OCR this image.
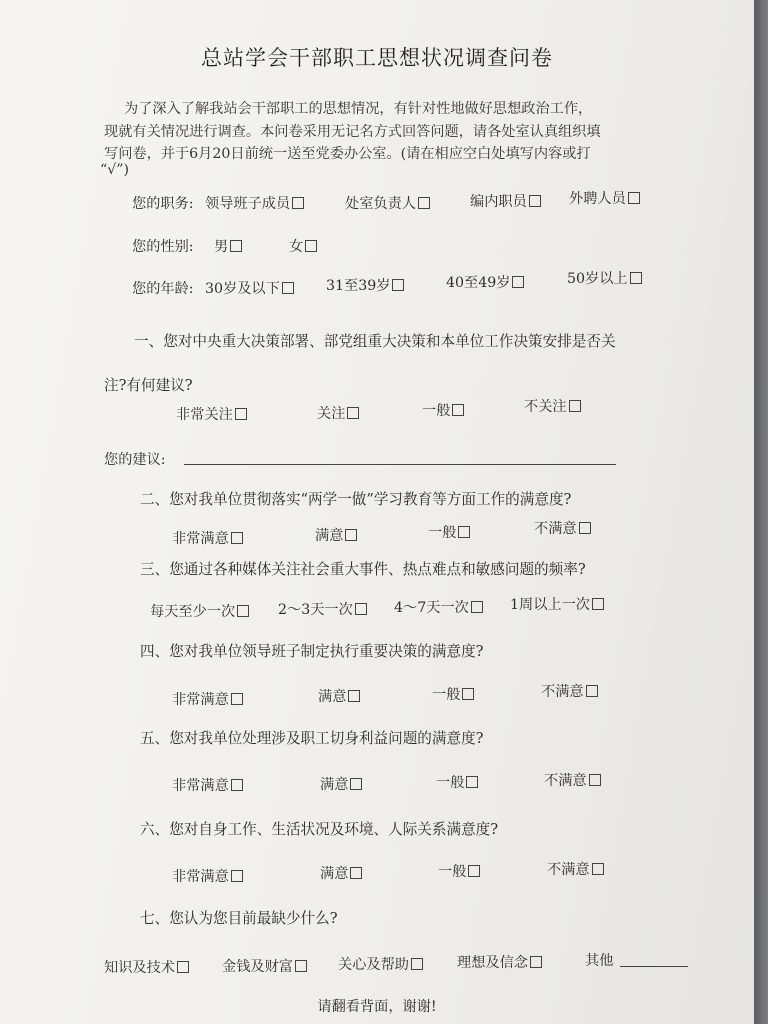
总站学会干部职工思想状况调查问卷
为了深入了解我站会干部职工的思想情况，有针对性地做好思想政治工作，
现就有关情况进行调查。本问卷采用无记名方式回答问题，请各处室认真组织填
写问卷，并于6月20日前统一送至党委办公室。(请在相应空白处填写内容或打
“√”)
您的职务: 领导班子成员	处室负责人	编内职员	外聘人员
您的性别: 男	女
您的年龄: 30岁及以下	31至39岁	40至49岁	50岁以上
一、您对中央重大决策部署、部党组重大决策和本单位工作决策安排是否关
注?有何建议?
非常关注	关注	一般	不关注
您的建议:
二、您对我单位贯彻落实“两学一做”学习教育等方面工作的满意度?
非常满意	满意	一般	不满意
三、您通过各种媒体关注社会重大事件、热点难点和敏感问题的频率?
每天至少一次	2～3天一次	4～7天一次	1周以上一次
四、您对我单位领导班子制定执行重要决策的满意度?
非常满意	满意	一般	不满意
五、您对我单位处理涉及职工切身利益问题的满意度?
非常满意	满意	一般	不满意
六、您对自身工作、生活状况及环境、人际关系满意度?
非常满意	满意	一般	不满意
七、您认为您目前最缺少什么?
知识及技术	金钱及财富	关心及帮助	理想及信念	其他
请翻看背面，谢谢!
